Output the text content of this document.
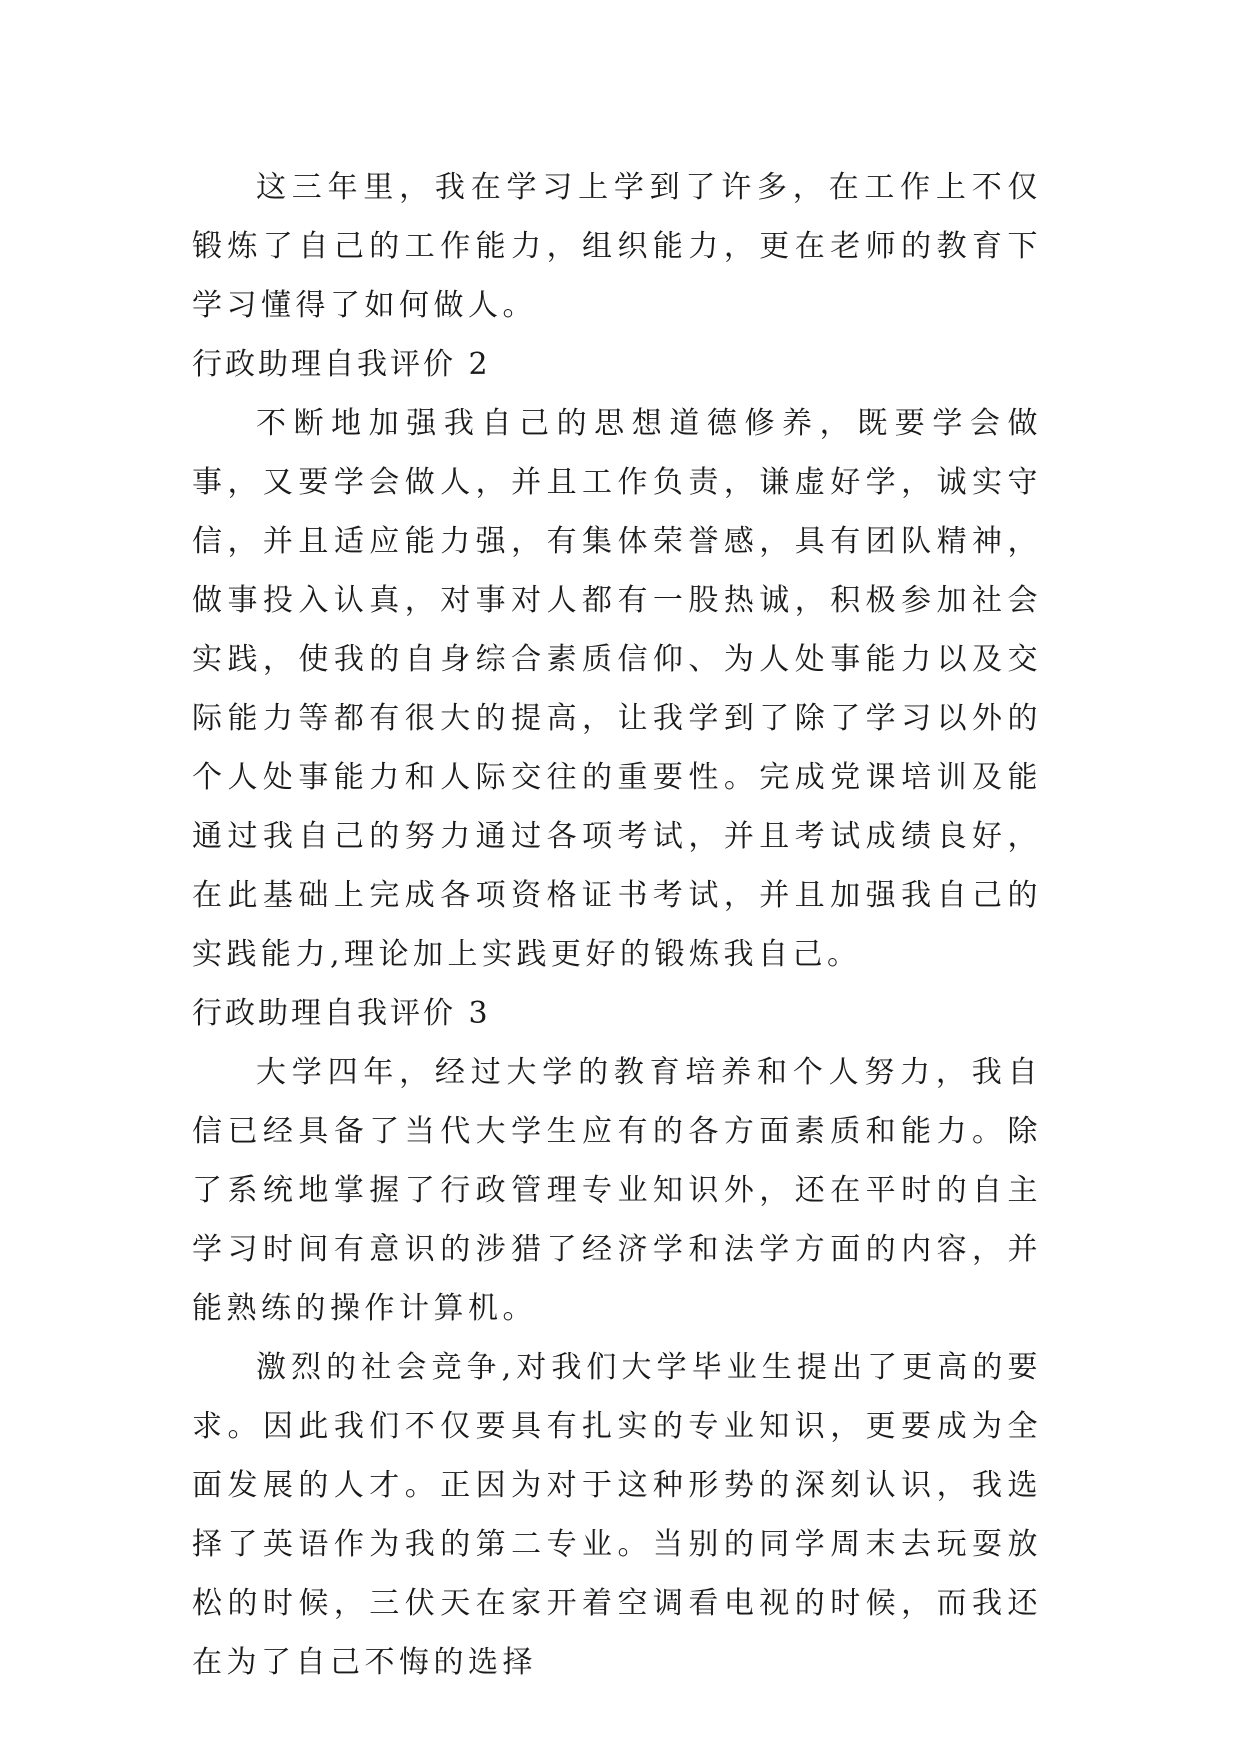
这三年里，我在学习上学到了许多，在工作上不仅锻炼了自己的工作能力，组织能力，更在老师的教育下学习懂得了如何做人。

行政助理自我评价 2

不断地加强我自己的思想道德修养，既要学会做事，又要学会做人，并且工作负责，谦虚好学，诚实守信，并且适应能力强，有集体荣誉感，具有团队精神，做事投入认真，对事对人都有一股热诚，积极参加社会实践，使我的自身综合素质信仰、为人处事能力以及交际能力等都有很大的提高，让我学到了除了学习以外的个人处事能力和人际交往的重要性。完成党课培训及能通过我自己的努力通过各项考试，并且考试成绩良好，在此基础上完成各项资格证书考试，并且加强我自己的实践能力,理论加上实践更好的锻炼我自己。

行政助理自我评价 3

大学四年，经过大学的教育培养和个人努力，我自信已经具备了当代大学生应有的各方面素质和能力。除了系统地掌握了行政管理专业知识外，还在平时的自主学习时间有意识的涉猎了经济学和法学方面的内容，并能熟练的操作计算机。

激烈的社会竞争,对我们大学毕业生提出了更高的要求。因此我们不仅要具有扎实的专业知识，更要成为全面发展的人才。正因为对于这种形势的深刻认识，我选择了英语作为我的第二专业。当别的同学周末去玩耍放松的时候，三伏天在家开着空调看电视的时候，而我还在为了自己不悔的选择
